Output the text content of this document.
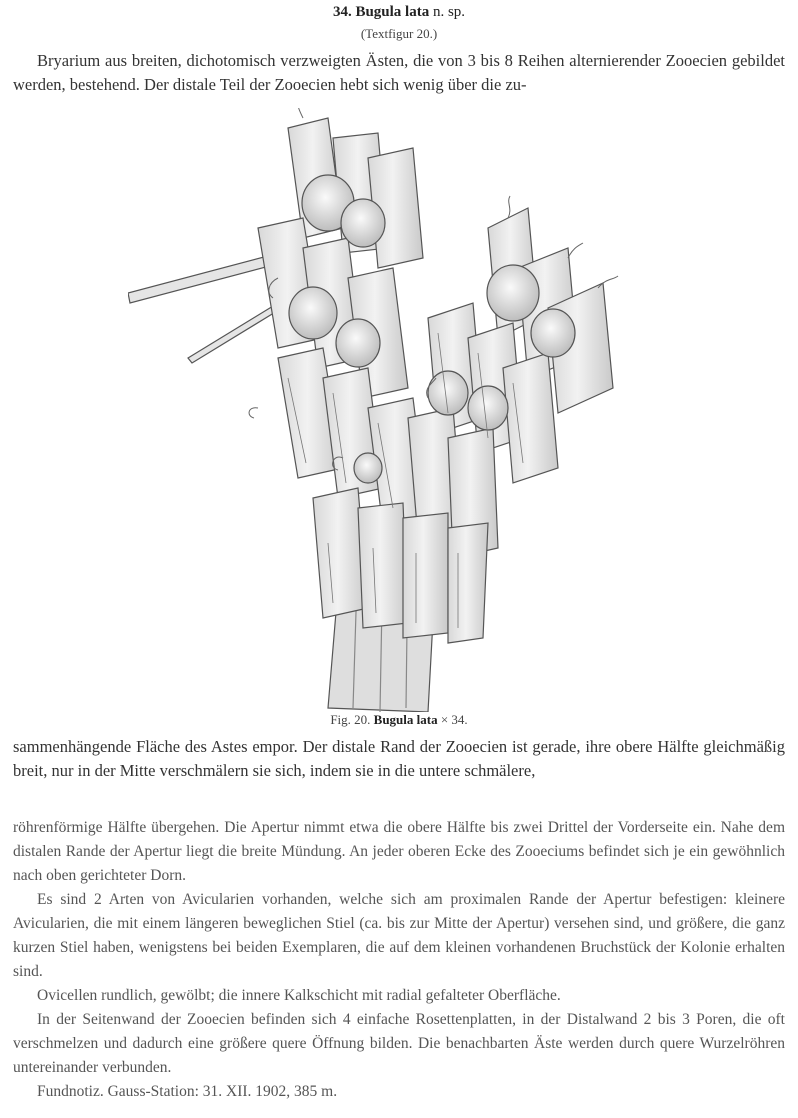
34. Bugula lata n. sp.
(Textfigur 20.)
Bryarium aus breiten, dichotomisch verzweigten Ästen, die von 3 bis 8 Reihen alternierender Zooecien gebildet werden, bestehend. Der distale Teil der Zooecien hebt sich wenig über die zu-
Fig. 20. Bugula lata × 34.
sammenhängende Fläche des Astes empor. Der distale Rand der Zooecien ist gerade, ihre obere Hälfte gleichmäßig breit, nur in der Mitte verschmälern sie sich, indem sie in die untere schmälere,
röhrenförmige Hälfte übergehen. Die Apertur nimmt etwa die obere Hälfte bis zwei Drittel der Vorderseite ein. Nahe dem distalen Rande der Apertur liegt die breite Mündung. An jeder oberen Ecke des Zooeciums befindet sich je ein gewöhnlich nach oben gerichteter Dorn.
Es sind 2 Arten von Avicularien vorhanden, welche sich am proximalen Rande der Apertur befestigen: kleinere Avicularien, die mit einem längeren beweglichen Stiel (ca. bis zur Mitte der Apertur) versehen sind, und größere, die ganz kurzen Stiel haben, wenigstens bei beiden Exemplaren, die auf dem kleinen vorhandenen Bruchstück der Kolonie erhalten sind.
Ovicellen rundlich, gewölbt; die innere Kalkschicht mit radial gefalteter Oberfläche.
In der Seitenwand der Zooecien befinden sich 4 einfache Rosettenplatten, in der Distalwand 2 bis 3 Poren, die oft verschmelzen und dadurch eine größere quere Öffnung bilden. Die benachbarten Äste werden durch quere Wurzelröhren untereinander verbunden.
Fundnotiz. Gauss-Station: 31. XII. 1902, 385 m.
